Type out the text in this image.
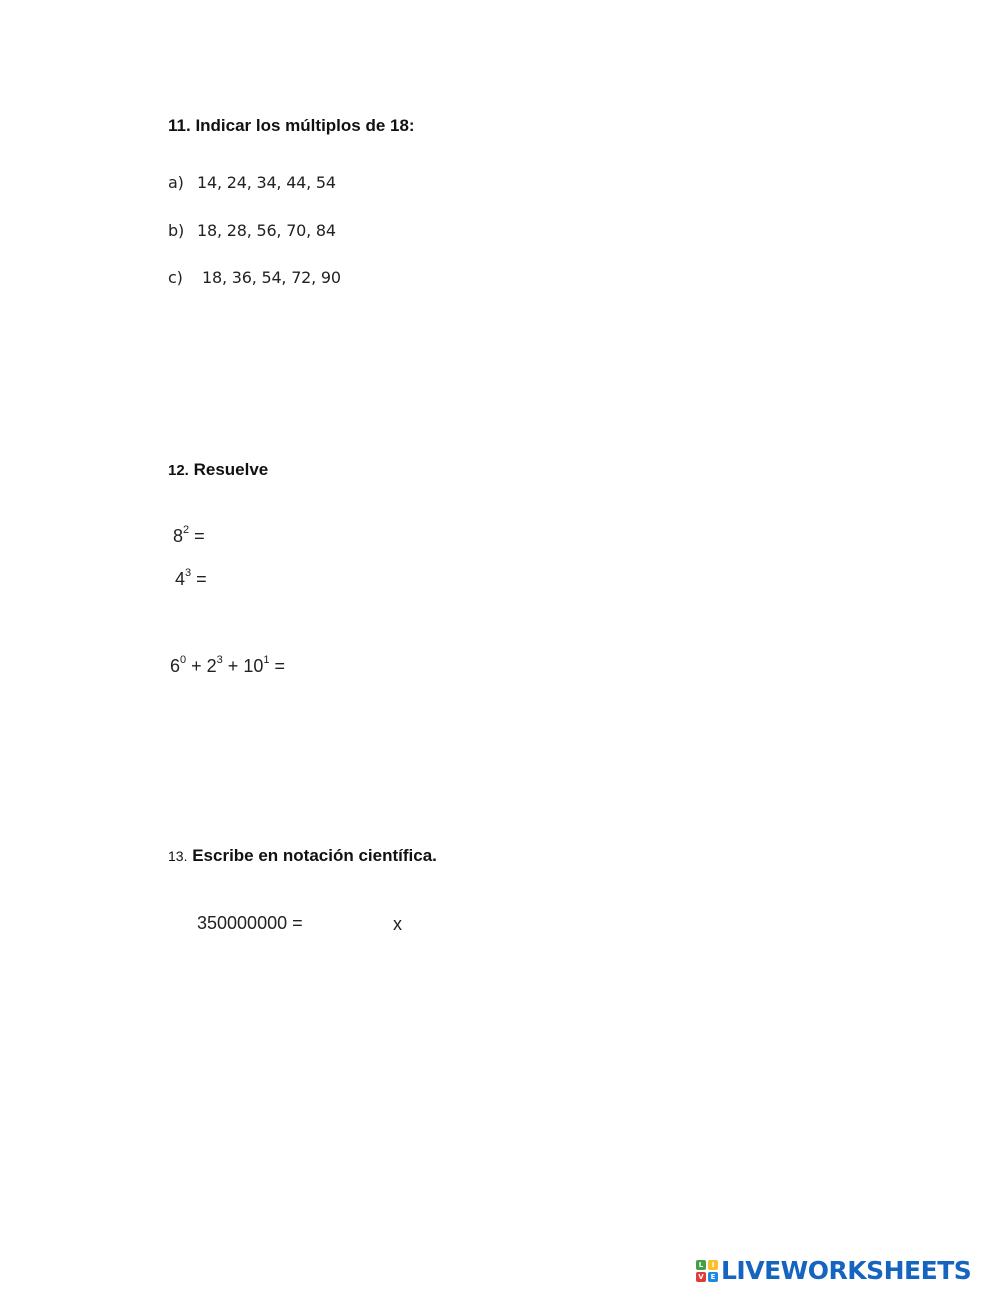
11. Indicar los múltiplos de 18:
a) 14, 24, 34, 44, 54
b) 18, 28, 56, 70, 84
c) 18, 36, 54, 72, 90
12. Resuelve
$8^2$ =
$4^3$ =
$6^0 + 2^3 + 10^1$ =
13. Escribe en notación científica.
350000000 =	x
L	I
V E LIVEWORKSHEETS
